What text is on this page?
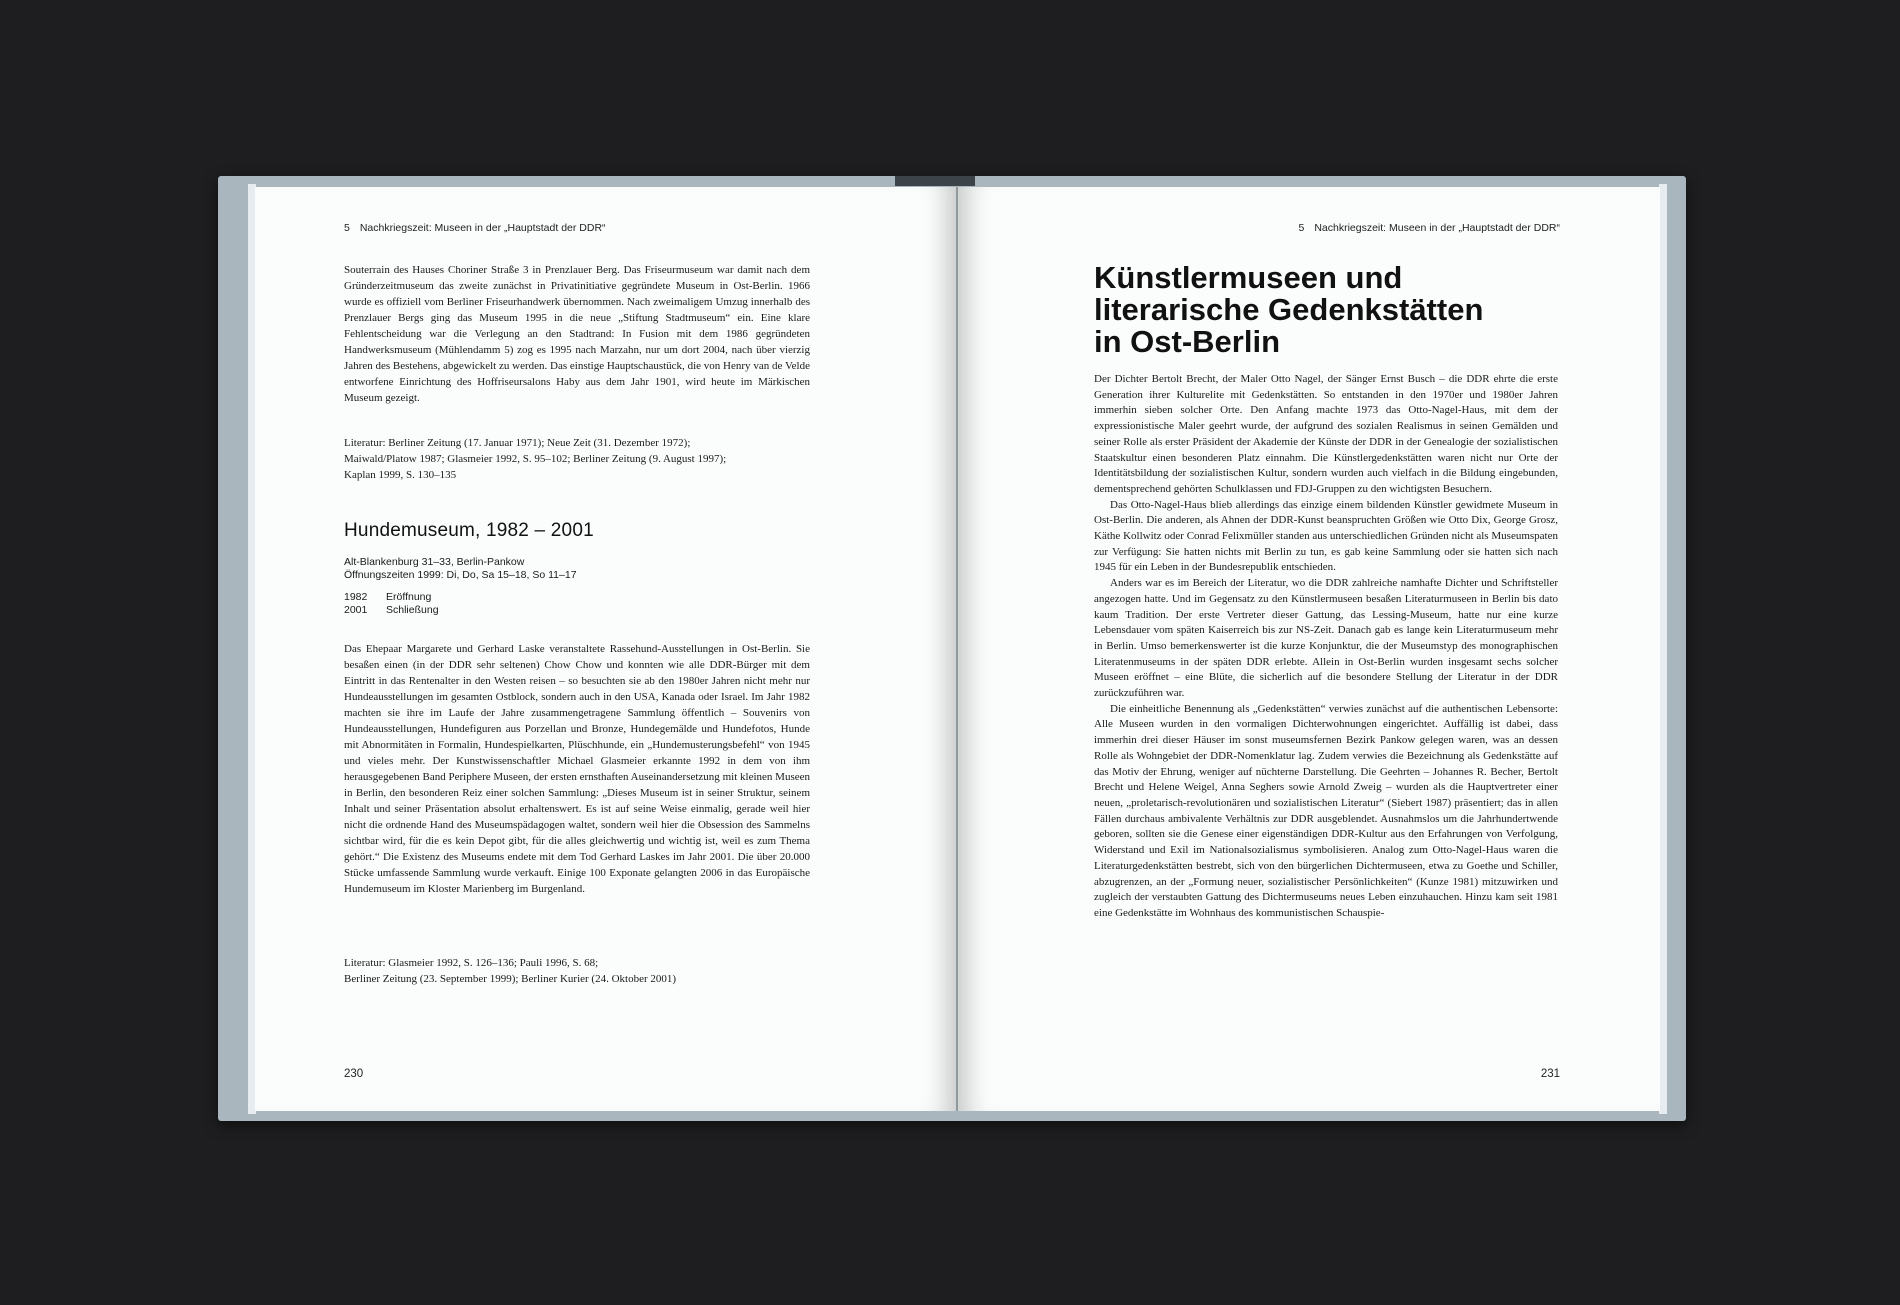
5 Nachkriegszeit: Museen in der „Hauptstadt der DDR“

Souterrain des Hauses Choriner Straße 3 in Prenzlauer Berg. Das Friseurmuseum war damit nach dem Gründerzeitmuseum das zweite zunächst in Privatinitiative gegründete Museum in Ost-Berlin. 1966 wurde es offiziell vom Berliner Friseurhandwerk übernommen. Nach zweimaligem Umzug innerhalb des Prenzlauer Bergs ging das Museum 1995 in die neue „Stiftung Stadtmuseum“ ein. Eine klare Fehlentscheidung war die Verlegung an den Stadtrand: In Fusion mit dem 1986 gegründeten Handwerksmuseum (Mühlendamm 5) zog es 1995 nach Marzahn, nur um dort 2004, nach über vierzig Jahren des Bestehens, abgewickelt zu werden. Das einstige Hauptschaustück, die von Henry van de Velde entworfene Einrichtung des Hoffriseursalons Haby aus dem Jahr 1901, wird heute im Märkischen Museum gezeigt.

Literatur: Berliner Zeitung (17. Januar 1971); Neue Zeit (31. Dezember 1972);
Maiwald/Platow 1987; Glasmeier 1992, S. 95–102; Berliner Zeitung (9. August 1997);
Kaplan 1999, S. 130–135
Hundemuseum, 1982 – 2001
Alt-Blankenburg 31–33, Berlin-Pankow
Öffnungszeiten 1999: Di, Do, Sa 15–18, So 11–17
1982	Eröffnung
2001	Schließung

Das Ehepaar Margarete und Gerhard Laske veranstaltete Rassehund-Ausstellungen in Ost-Berlin. Sie besaßen einen (in der DDR sehr seltenen) Chow Chow und konnten wie alle DDR-Bürger mit dem Eintritt in das Rentenalter in den Westen reisen – so besuchten sie ab den 1980er Jahren nicht mehr nur Hundeausstellungen im gesamten Ostblock, sondern auch in den USA, Kanada oder Israel. Im Jahr 1982 machten sie ihre im Laufe der Jahre zusammengetragene Sammlung öffentlich – Souvenirs von Hundeausstellungen, Hundefiguren aus Porzellan und Bronze, Hundegemälde und Hundefotos, Hunde mit Abnormitäten in Formalin, Hundespielkarten, Plüschhunde, ein „Hundemusterungsbefehl“ von 1945 und vieles mehr. Der Kunstwissenschaftler Michael Glasmeier erkannte 1992 in dem von ihm herausgegebenen Band Periphere Museen, der ersten ernsthaften Auseinandersetzung mit kleinen Museen in Berlin, den besonderen Reiz einer solchen Sammlung: „Dieses Museum ist in seiner Struktur, seinem Inhalt und seiner Präsentation absolut erhaltenswert. Es ist auf seine Weise einmalig, gerade weil hier nicht die ordnende Hand des Museumspädagogen waltet, sondern weil hier die Obsession des Sammelns sichtbar wird, für die es kein Depot gibt, für die alles gleichwertig und wichtig ist, weil es zum Thema gehört.“ Die Existenz des Museums endete mit dem Tod Gerhard Laskes im Jahr 2001. Die über 20.000 Stücke umfassende Sammlung wurde verkauft. Einige 100 Exponate gelangten 2006 in das Europäische Hundemuseum im Kloster Marienberg im Burgenland.

Literatur: Glasmeier 1992, S. 126–136; Pauli 1996, S. 68;
Berliner Zeitung (23. September 1999); Berliner Kurier (24. Oktober 2001)
230
5 Nachkriegszeit: Museen in der „Hauptstadt der DDR“
Künstlermuseen und
literarische Gedenkstätten
in Ost-Berlin

Der Dichter Bertolt Brecht, der Maler Otto Nagel, der Sänger Ernst Busch – die DDR ehrte die erste Generation ihrer Kulturelite mit Gedenkstätten. So entstanden in den 1970er und 1980er Jahren immerhin sieben solcher Orte. Den Anfang machte 1973 das Otto-Nagel-Haus, mit dem der expressionistische Maler geehrt wurde, der aufgrund des sozialen Realismus in seinen Gemälden und seiner Rolle als erster Präsident der Akademie der Künste der DDR in der Genealogie der sozialistischen Staatskultur einen besonderen Platz einnahm. Die Künstlergedenkstätten waren nicht nur Orte der Identitätsbildung der sozialistischen Kultur, sondern wurden auch vielfach in die Bildung eingebunden, dementsprechend gehörten Schulklassen und FDJ-Gruppen zu den wichtigsten Besuchern.

Das Otto-Nagel-Haus blieb allerdings das einzige einem bildenden Künstler gewidmete Museum in Ost-Berlin. Die anderen, als Ahnen der DDR-Kunst beanspruchten Größen wie Otto Dix, George Grosz, Käthe Kollwitz oder Conrad Felixmüller standen aus unterschiedlichen Gründen nicht als Museumspaten zur Verfügung: Sie hatten nichts mit Berlin zu tun, es gab keine Sammlung oder sie hatten sich nach 1945 für ein Leben in der Bundesrepublik entschieden.

Anders war es im Bereich der Literatur, wo die DDR zahlreiche namhafte Dichter und Schriftsteller angezogen hatte. Und im Gegensatz zu den Künstlermuseen besaßen Literaturmuseen in Berlin bis dato kaum Tradition. Der erste Vertreter dieser Gattung, das Lessing-Museum, hatte nur eine kurze Lebensdauer vom späten Kaiserreich bis zur NS-Zeit. Danach gab es lange kein Literaturmuseum mehr in Berlin. Umso bemerkenswerter ist die kurze Konjunktur, die der Museumstyp des monographischen Literatenmuseums in der späten DDR erlebte. Allein in Ost-Berlin wurden insgesamt sechs solcher Museen eröffnet – eine Blüte, die sicherlich auf die besondere Stellung der Literatur in der DDR zurückzuführen war.

Die einheitliche Benennung als „Gedenkstätten“ verwies zunächst auf die authentischen Lebensorte: Alle Museen wurden in den vormaligen Dichterwohnungen eingerichtet. Auffällig ist dabei, dass immerhin drei dieser Häuser im sonst museumsfernen Bezirk Pankow gelegen waren, was an dessen Rolle als Wohngebiet der DDR-Nomenklatur lag. Zudem verwies die Bezeichnung als Gedenkstätte auf das Motiv der Ehrung, weniger auf nüchterne Darstellung. Die Geehrten – Johannes R. Becher, Bertolt Brecht und Helene Weigel, Anna Seghers sowie Arnold Zweig – wurden als die Hauptvertreter einer neuen, „proletarisch-revolutionären und sozialistischen Literatur“ (Siebert 1987) präsentiert; das in allen Fällen durchaus ambivalente Verhältnis zur DDR ausgeblendet. Ausnahmslos um die Jahrhundertwende geboren, sollten sie die Genese einer eigenständigen DDR-Kultur aus den Erfahrungen von Verfolgung, Widerstand und Exil im Nationalsozialismus symbolisieren. Analog zum Otto-Nagel-Haus waren die Literaturgedenkstätten bestrebt, sich von den bürgerlichen Dichtermuseen, etwa zu Goethe und Schiller, abzugrenzen, an der „Formung neuer, sozialistischer Persönlichkeiten“ (Kunze 1981) mitzuwirken und zugleich der verstaubten Gattung des Dichtermuseums neues Leben einzuhauchen. Hinzu kam seit 1981 eine Gedenkstätte im Wohnhaus des kommunistischen Schauspie-

231
